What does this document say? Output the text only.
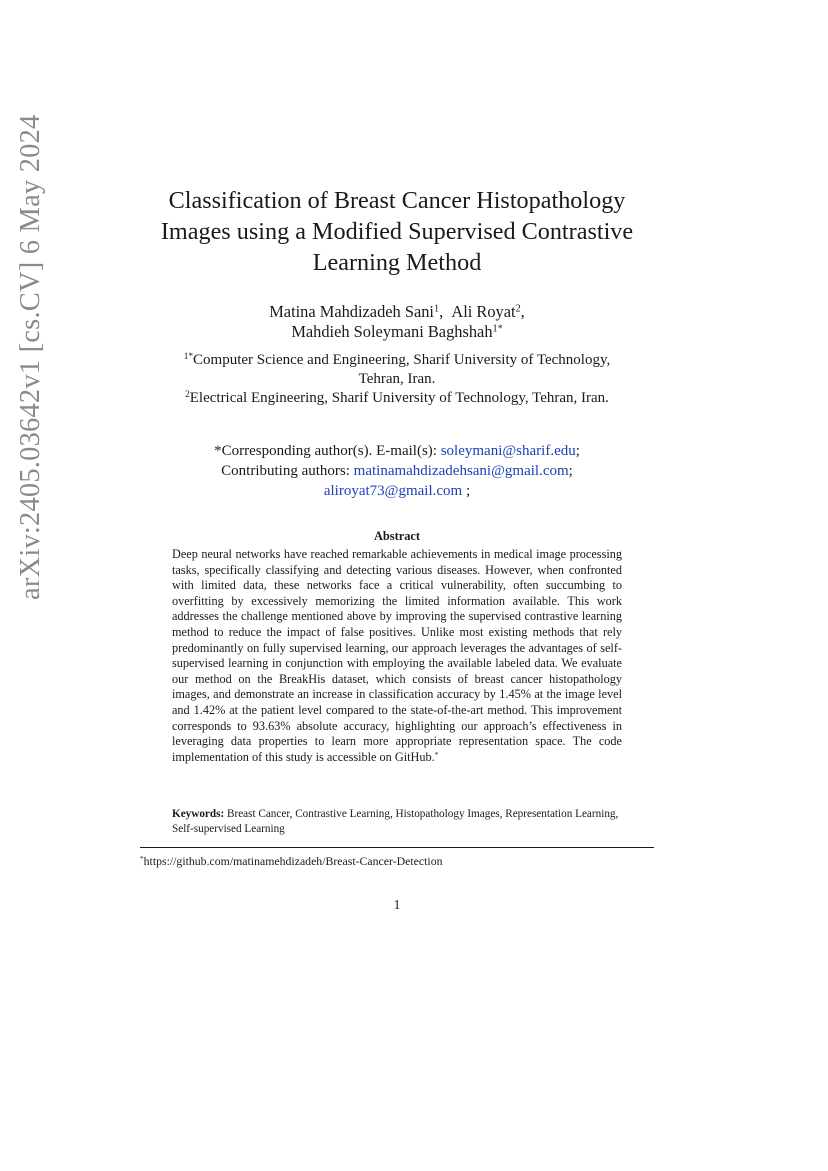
arXiv:2405.03642v1 [cs.CV] 6 May 2024	Classification of Breast Cancer Histopathology
Images using a Modified Supervised Contrastive
Learning Method
Matina Mahdizadeh Sani$^1$,  Ali Royat$^2$,
Mahdieh Soleymani Baghshah$^{1*}$
$^{1*}$Computer Science and Engineering, Sharif University of Technology,
Tehran, Iran.
$^2$Electrical Engineering, Sharif University of Technology, Tehran, Iran.
*Corresponding author(s). E-mail(s): soleymani@sharif.edu;
Contributing authors: matinamahdizadehsani@gmail.com;
aliroyat73@gmail.com ;
Abstract
Deep neural networks have reached remarkable achievements in medical image processing tasks, specifically classifying and detecting various diseases. However, when confronted with limited data, these networks face a critical vulnerability, often succumbing to overfitting by excessively memorizing the limited information available. This work addresses the challenge mentioned above by improving the supervised contrastive learning method to reduce the impact of false positives. Unlike most existing methods that rely predominantly on fully supervised learning, our approach leverages the advantages of self-supervised learning in conjunction with employing the available labeled data. We evaluate our method on the BreakHis dataset, which consists of breast cancer histopathology images, and demonstrate an increase in classification accuracy by 1.45% at the image level and 1.42% at the patient level compared to the state-of-the-art method. This improvement corresponds to 93.63% absolute accuracy, highlighting our approach’s effectiveness in leveraging data properties to learn more appropriate representation space. The code implementation of this study is accessible on GitHub.*
Keywords: Breast Cancer, Contrastive Learning, Histopathology Images, Representation Learning, Self-supervised Learning
*https://github.com/matinamehdizadeh/Breast-Cancer-Detection
1
